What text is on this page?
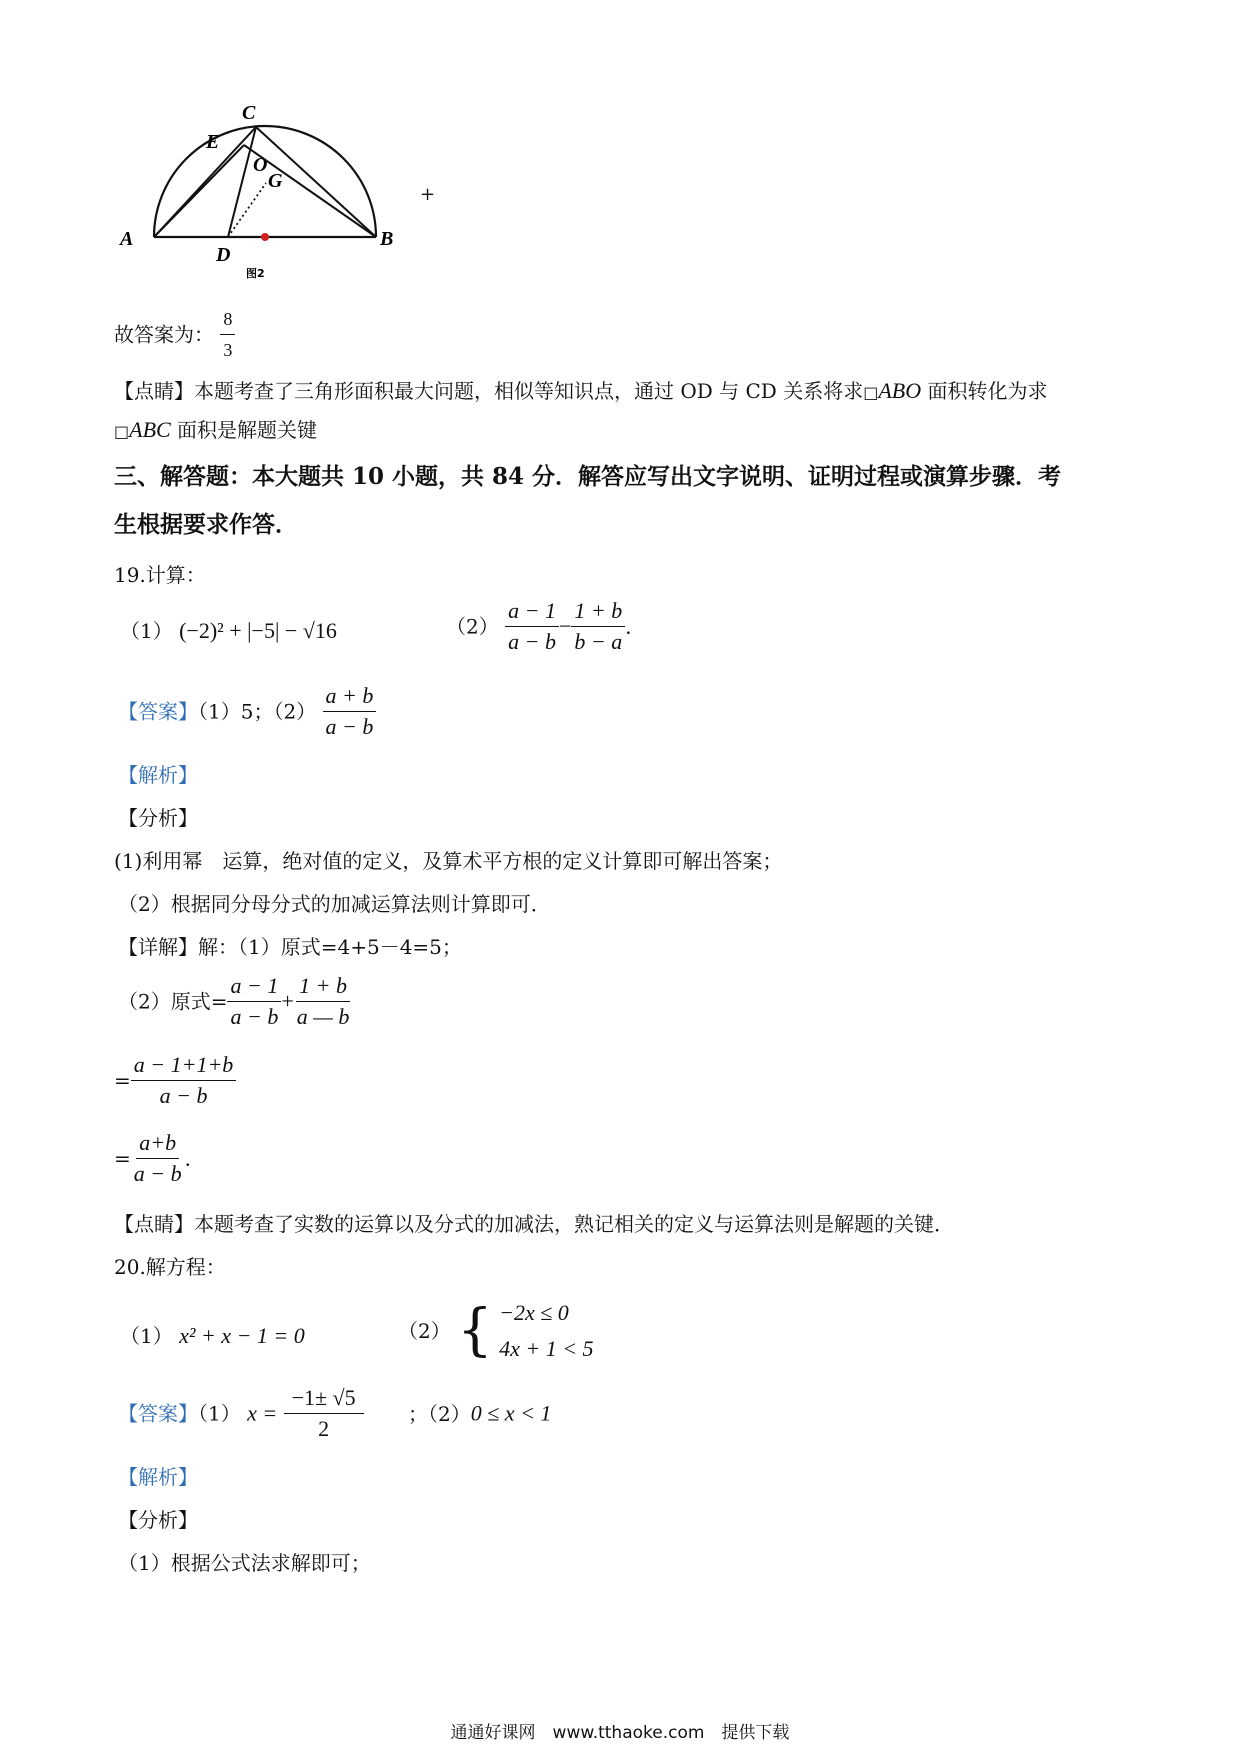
C
E
O
G
A
D
B
图2
+
故答案为： $\frac{8}{3}$
【点睛】本题考查了三角形面积最大问题，相似等知识点，通过 OD 与 CD 关系将求□ABO 面积转化为求
□ABC 面积是解题关键
三、解答题：本大题共 10 小题，共 84 分．解答应写出文字说明、证明过程或演算步骤．考
生根据要求作答．
19.计算：
（1） (−2)² + |−5| − √16	$(2) \frac{a - 1}{a - b} - \frac{1 + b}{b - a}$ ．
【答案】（1）5；$(2) \frac{a + b}{a - b}$
【解析】
【分析】
(1)利用幂　运算，绝对值的定义，及算术平方根的定义计算即可解出答案；
（2）根据同分母分式的加减运算法则计算即可．
【详解】解：（1）原式=4+5－4=5；
（2）原式= $\frac{a - 1}{a - b} + \frac{1 + b}{a — b}$
= $\frac{a - 1+1+b}{a - b}$
= $\frac{a+b}{a - b}$ ．
【点睛】本题考查了实数的运算以及分式的加减法，熟记相关的定义与运算法则是解题的关键．
20.解方程：
（1） x² + x − 1 = 0	（2） { −2x ≤ 0
4x + 1 < 5
【答案】（1） $x = \frac{-1\pm √5}{2}$ ；（2）0 ≤ x < 1
【解析】
【分析】
（1）根据公式法求解即可；
通通好课网　www.tthaoke.com　提供下载
